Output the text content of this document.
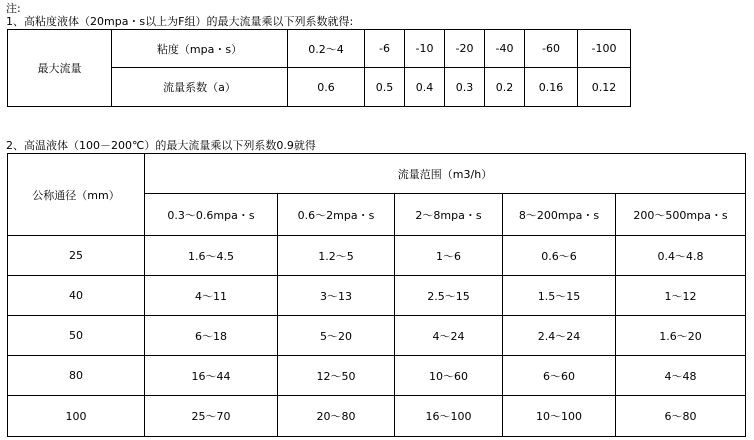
注:
1、高粘度液体（20mpa・s以上为F组）的最大流量乘以下列系数就得:
最大流量	粘度（mpa・s）	0.2～4	-6	-10	-20	-40	-60	-100
	流量系数（a）	0.6	0.5	0.4	0.3	0.2	0.16	0.12
2、高温液体（100－200℃）的最大流量乘以下列系数0.9就得
公称通径（mm）	流量范围（m3/h）				
	0.3～0.6mpa・s	0.6～2mpa・s	2～8mpa・s	8～200mpa・s	200～500mpa・s
25	1.6～4.5	1.2～5	1～6	0.6～6	0.4～4.8
40	4～11	3～13	2.5～15	1.5～15	1～12
50	6～18	5～20	4～24	2.4～24	1.6～20
80	16～44	12～50	10～60	6～60	4～48
100	25～70	20～80	16～100	10～100	6～80
